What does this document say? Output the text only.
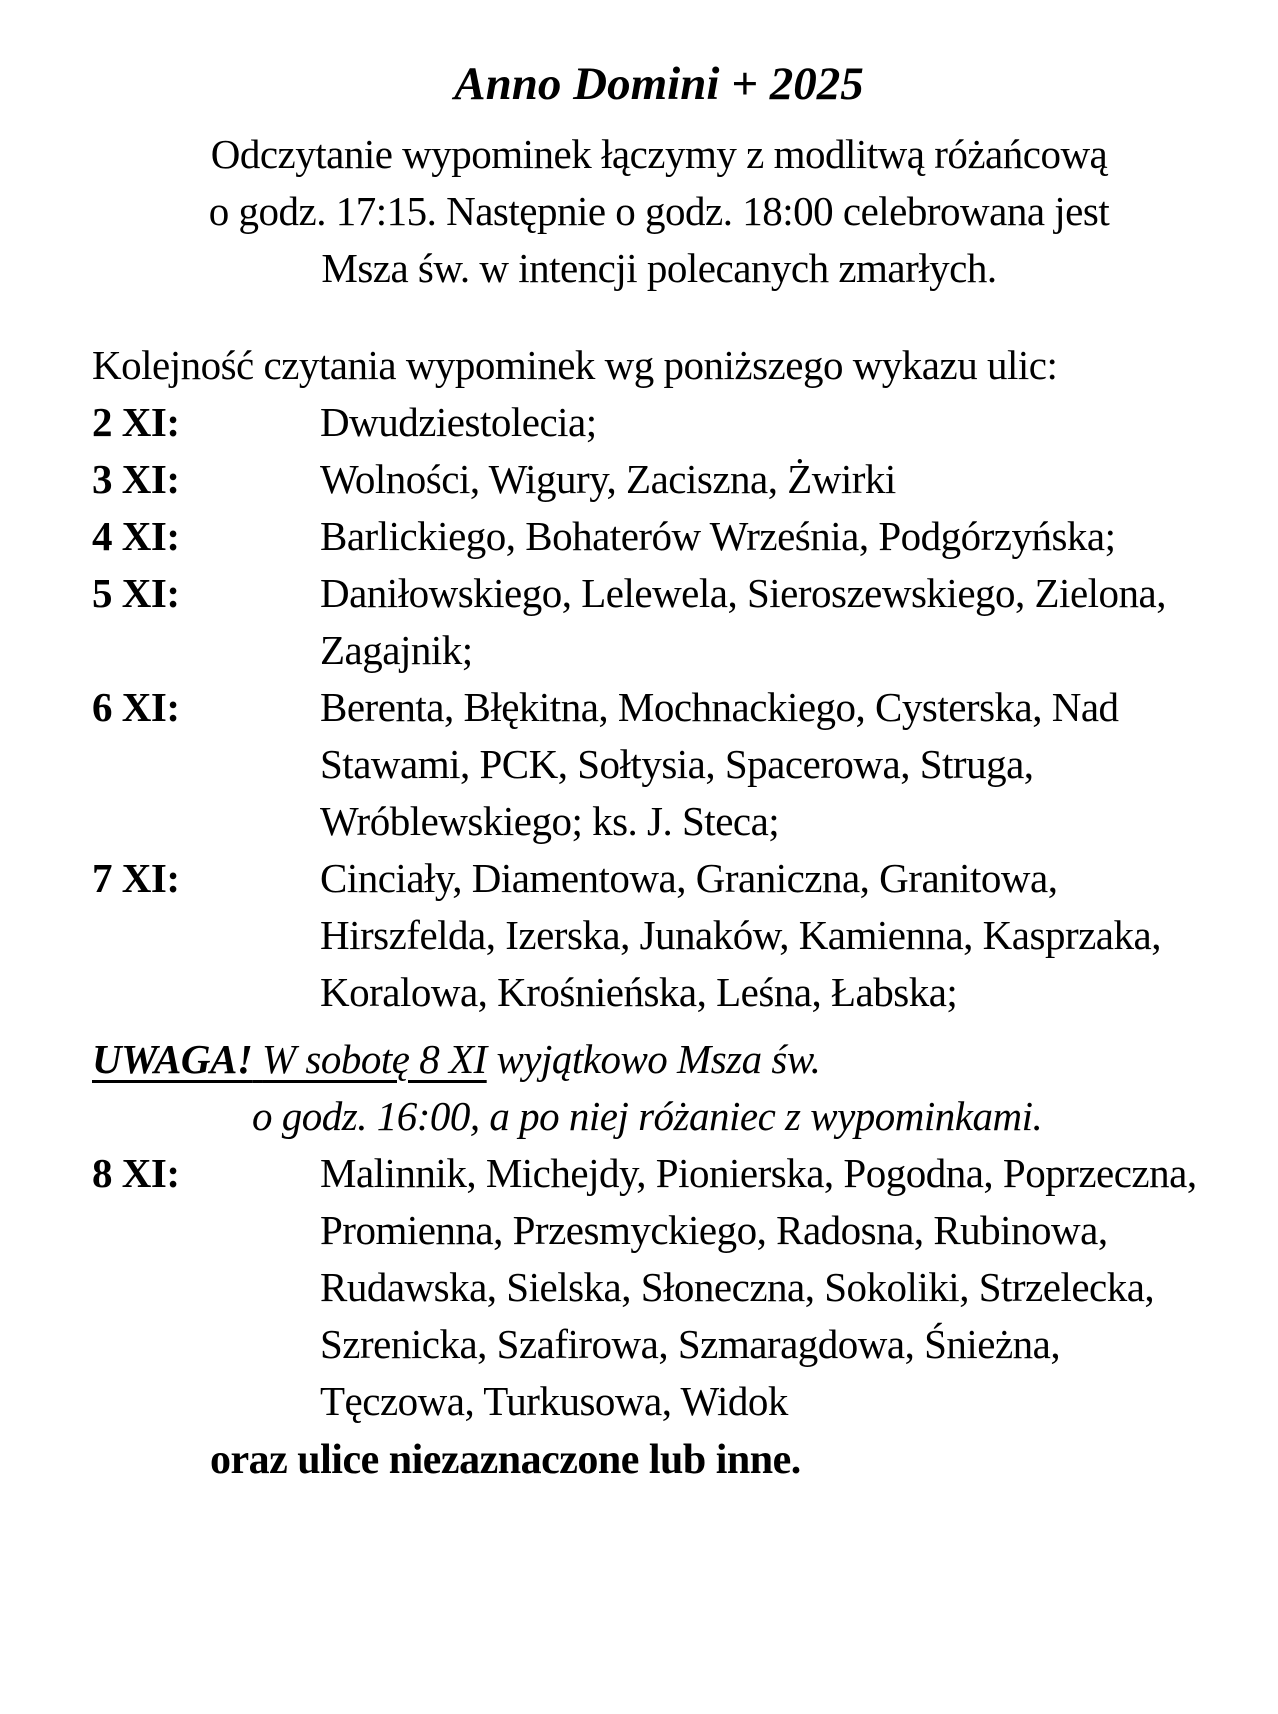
Anno Domini + 2025
Odczytanie wypominek łączymy z modlitwą różańcową
o godz. 17:15. Następnie o godz. 18:00 celebrowana jest
Msza św. w intencji polecanych zmarłych.
Kolejność czytania wypominek wg poniższego wykazu ulic:
2 XI:	Dwudziestolecia;
3 XI:	Wolności, Wigury, Zaciszna, Żwirki
4 XI:	Barlickiego, Bohaterów Września, Podgórzyńska;
5 XI:	Daniłowskiego, Lelewela, Sieroszewskiego, Zielona, Zagajnik;
6 XI:	Berenta, Błękitna, Mochnackiego, Cysterska, Nad Stawami, PCK, Sołtysia, Spacerowa, Struga, Wróblewskiego; ks. J. Steca;
7 XI:	Cinciały, Diamentowa, Graniczna, Granitowa, Hirszfelda, Izerska, Junaków, Kamienna, Kasprzaka, Koralowa, Krośnieńska, Leśna, Łabska;
UWAGA! W sobotę 8 XI wyjątkowo Msza św.
o godz. 16:00, a po niej różaniec z wypominkami.
8 XI:	Malinnik, Michejdy, Pionierska, Pogodna, Poprzeczna, Promienna, Przesmyckiego, Radosna, Rubinowa, Rudawska, Sielska, Słoneczna, Sokoliki, Strzelecka, Szrenicka, Szafirowa, Szmaragdowa, Śnieżna, Tęczowa, Turkusowa, Widok
oraz ulice niezaznaczone lub inne.
